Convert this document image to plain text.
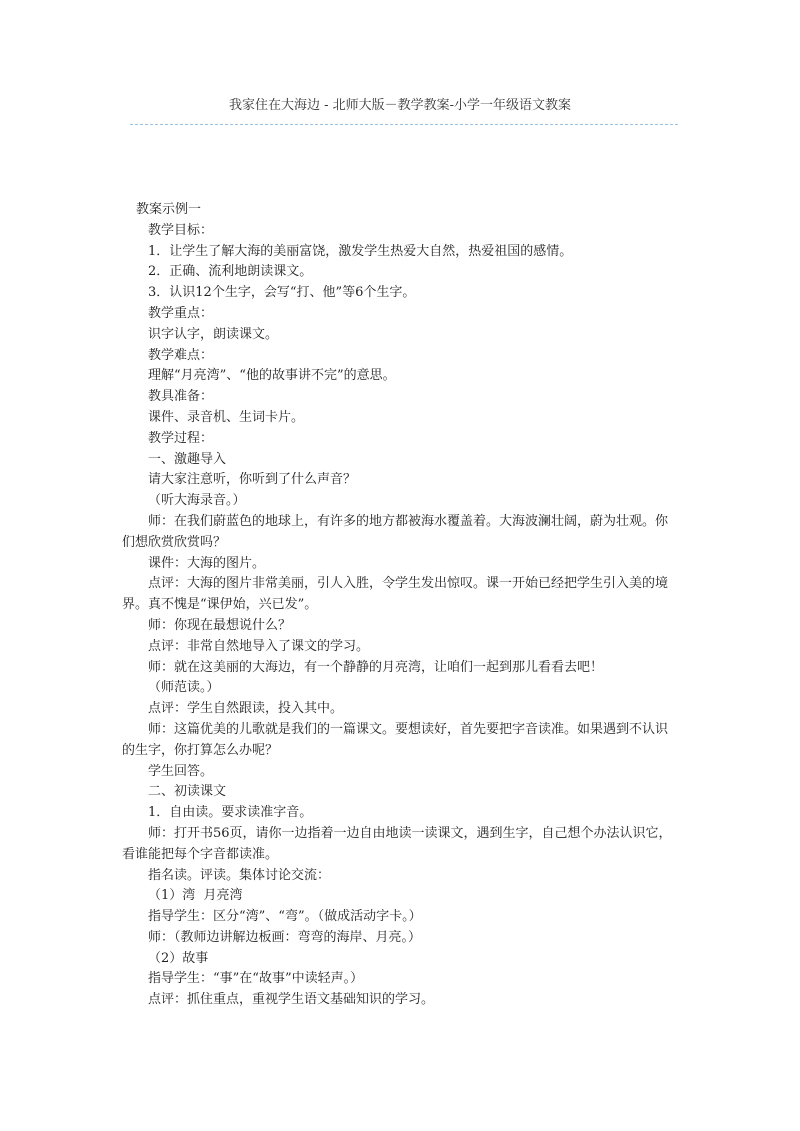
我家住在大海边 - 北师大版－教学教案-小学一年级语文教案

教案示例一

教学目标：

1．让学生了解大海的美丽富饶，激发学生热爱大自然，热爱祖国的感情。

2．正确、流利地朗读课文。

3．认识12个生字，会写“打、他”等6个生字。

教学重点：

识字认字，朗读课文。

教学难点：

理解“月亮湾”、“他的故事讲不完”的意思。

教具准备：

课件、录音机、生词卡片。

教学过程：

一、激趣导入

请大家注意听，你听到了什么声音？

（听大海录音。）

师：在我们蔚蓝色的地球上，有许多的地方都被海水覆盖着。大海波澜壮阔，蔚为壮观。你们想欣赏欣赏吗？

课件：大海的图片。

点评：大海的图片非常美丽，引人入胜，令学生发出惊叹。课一开始已经把学生引入美的境界。真不愧是“课伊始，兴已发”。

师：你现在最想说什么？

点评：非常自然地导入了课文的学习。

师：就在这美丽的大海边，有一个静静的月亮湾，让咱们一起到那儿看看去吧！

（师范读。）

点评：学生自然跟读，投入其中。

师：这篇优美的儿歌就是我们的一篇课文。要想读好，首先要把字音读准。如果遇到不认识的生字，你打算怎么办呢？

学生回答。

二、初读课文

1．自由读。要求读准字音。

师：打开书56页，请你一边指着一边自由地读一读课文，遇到生字，自己想个办法认识它，看谁能把每个字音都读准。

指名读。评读。集体讨论交流：

（1）湾  月亮湾

指导学生：区分“湾”、“弯”。（做成活动字卡。）

师：（教师边讲解边板画：弯弯的海岸、月亮。）

（2）故事

指导学生：“事”在“故事”中读轻声。）

点评：抓住重点，重视学生语文基础知识的学习。
